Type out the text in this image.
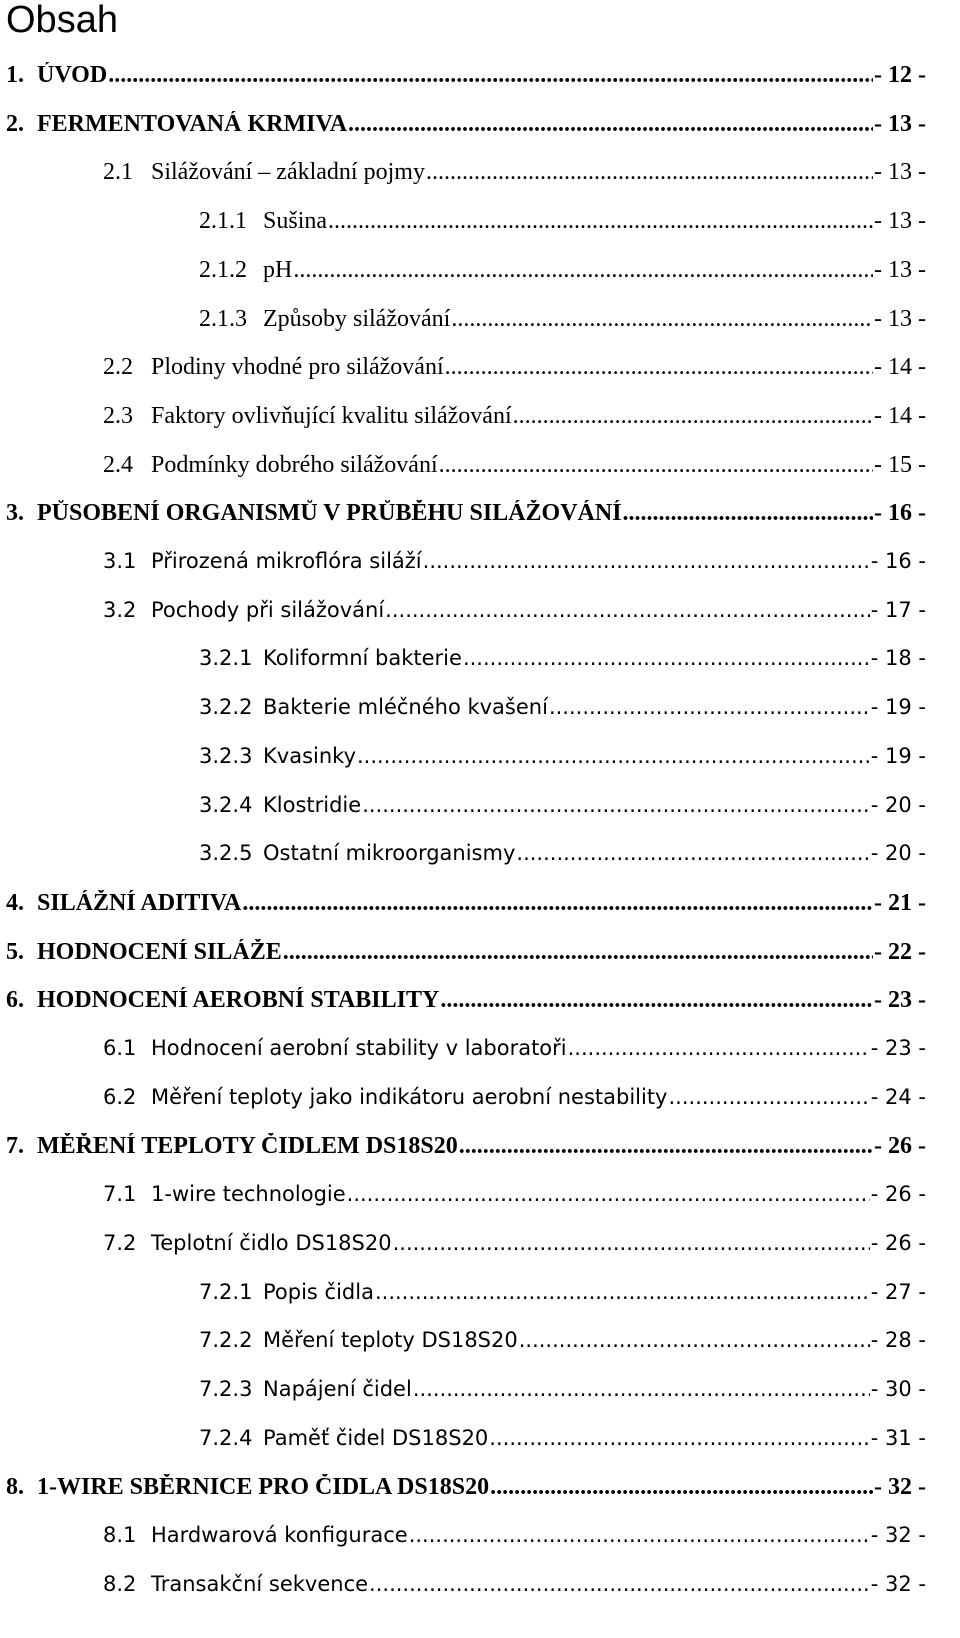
Obsah
1. ÚVOD .....	- 12 -
2. FERMENTOVANÁ KRMIVA .....	- 13 -
2.1 Silážování – základní pojmy .....	- 13 -
2.1.1 Sušina .....	- 13 -
2.1.2 pH .....	- 13 -
2.1.3 Způsoby silážování .....	- 13 -
2.2 Plodiny vhodné pro silážování .....	- 14 -
2.3 Faktory ovlivňující kvalitu silážování .....	- 14 -
2.4 Podmínky dobrého silážování .....	- 15 -
3. PŮSOBENÍ ORGANISMŮ V PRŮBĚHU SILÁŽOVÁNÍ .....	- 16 -
3.1 Přirozená mikroflóra siláží .....	- 16 -
3.2 Pochody při silážování .....	- 17 -
3.2.1 Koliformní bakterie .....	- 18 -
3.2.2 Bakterie mléčného kvašení .....	- 19 -
3.2.3 Kvasinky .....	- 19 -
3.2.4 Klostridie .....	- 20 -
3.2.5 Ostatní mikroorganismy .....	- 20 -
4. SILÁŽNÍ ADITIVA .....	- 21 -
5. HODNOCENÍ SILÁŽE .....	- 22 -
6. HODNOCENÍ AEROBNÍ STABILITY .....	- 23 -
6.1 Hodnocení aerobní stability v laboratoři .....	- 23 -
6.2 Měření teploty jako indikátoru aerobní nestability .....	- 24 -
7. MĚŘENÍ TEPLOTY ČIDLEM DS18S20 .....	- 26 -
7.1 1-wire technologie .....	- 26 -
7.2 Teplotní čidlo DS18S20 .....	- 26 -
7.2.1 Popis čidla .....	- 27 -
7.2.2 Měření teploty DS18S20 .....	- 28 -
7.2.3 Napájení čidel .....	- 30 -
7.2.4 Paměť čidel DS18S20 .....	- 31 -
8. 1-WIRE SBĚRNICE PRO ČIDLA DS18S20 .....	- 32 -
8.1 Hardwarová konfigurace .....	- 32 -
8.2 Transakční sekvence .....	- 32 -
